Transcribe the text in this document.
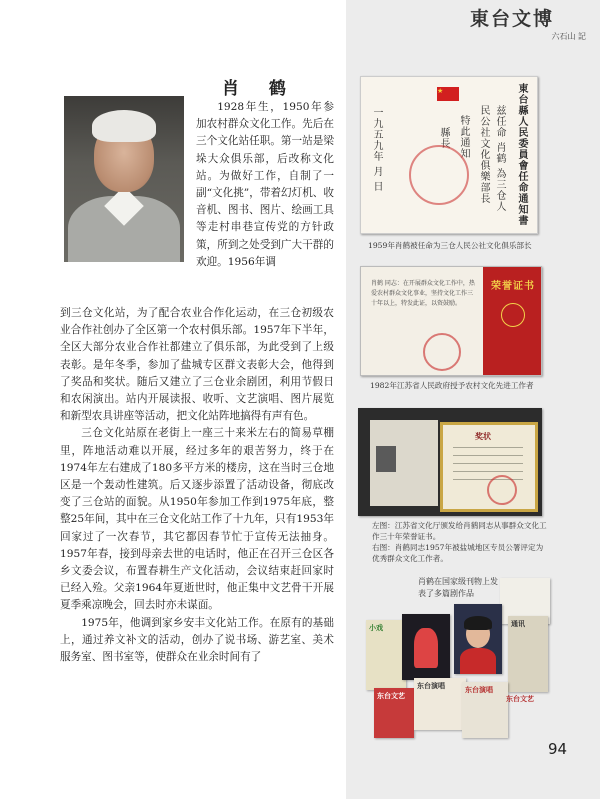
東台文博
六石山 記
肖 鹤

1928年生，1950年参加农村群众文化工作。先后在三个文化站任职。第一站是梁垛大众俱乐部，后改称文化站。为做好工作，自制了一副“文化挑”，带着幻灯机、收音机、图书、图片、绘画工具等走村串巷宣传党的方针政策，所到之处受到广大干群的欢迎。1956年调

到三仓文化站，为了配合农业合作化运动，在三仓初级农业合作社创办了全区第一个农村俱乐部。1957年下半年，全区大部分农业合作社都建立了俱乐部，为此受到了上级表彰。是年冬季，参加了盐城专区群文表彰大会，他得到了奖品和奖状。随后又建立了三仓业余剧团，利用节假日和农闲演出。站内开展读报、收听、文艺演唱、图片展览和新型农具讲座等活动，把文化站阵地搞得有声有色。

三仓文化站原在老街上一座三十来米左右的简易草棚里，阵地活动难以开展，经过多年的艰苦努力，终于在1974年左右建成了180多平方米的楼房，这在当时三仓地区是一个轰动性建筑。后又逐步添置了活动设备，彻底改变了三仓站的面貌。从1950年参加工作到1975年底，整整25年间，其中在三仓文化站工作了十九年，只有1953年回家过了一次春节，其它都因春节忙于宣传无法抽身。1957年春，接到母亲去世的电话时，他正在召开三仓区各乡文委会议，布置春耕生产文化活动，会议结束赶回家时已经入殓。父亲1964年夏逝世时，他正集中文艺骨干开展夏季乘凉晚会，回去时亦未谋面。

1975年，他调到家乡安丰文化站工作。在原有的基础上，通过养文补文的活动，创办了说书场、游艺室、美术服务室、图书室等，使群众在业余时间有了

★	東台縣人民委員會任命通知書
兹任命 肖鹤 為三仓人
民公社文化俱樂部長
特此通知
縣長
一九五九年 月 日
1959年肖鹤被任命为三仓人民公社文化俱乐部长
肖鹤 同志：在开展群众文化工作中，热爱农村群众文化事业，坚持文化工作三十年以上，特发此证，以资鼓励。
荣誉证书
1982年江苏省人民政府授予农村文化先进工作者
奖状
左图：江苏省文化厅颁发给肖鹤同志从事群众文化工作三十年荣誉证书。
右图：肖鹤同志1957年被盐城地区专员公署评定为优秀群众文化工作者。
肖鹤在国家级刊物上发表了多篇剧作品
小戏	通讯
东台文艺
东台演唱	东台演唱
东台文艺
94
